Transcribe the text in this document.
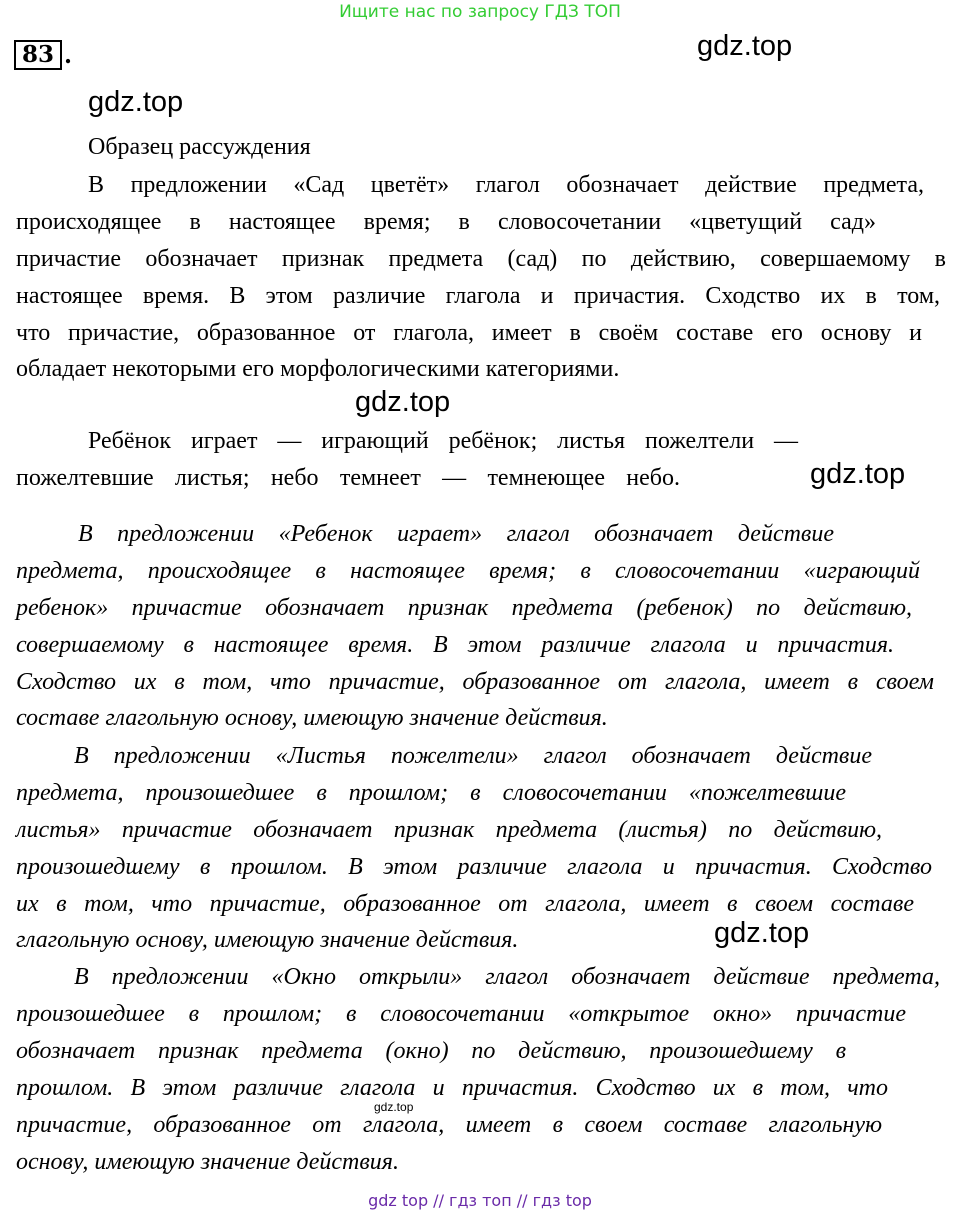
Ищите нас по запросу ГДЗ ТОП
83 .	gdz.top
gdz.top
Образец рассуждения
В предложении «Сад цветёт» глагол обозначает действие предмета,
происходящее в настоящее время; в словосочетании «цветущий сад»
причастие обозначает признак предмета (сад) по действию, совершаемому в
настоящее время. В этом различие глагола и причастия. Сходство их в том,
что причастие, образованное от глагола, имеет в своём составе его основу и
обладает некоторыми его морфологическими категориями.
gdz.top
Ребёнок играет — играющий ребёнок; листья пожелтели —
пожелтевшие листья; небо темнеет — темнеющее небо.	gdz.top
В предложении «Ребенок играет» глагол обозначает действие
предмета, происходящее в настоящее время; в словосочетании «играющий
ребенок» причастие обозначает признак предмета (ребенок) по действию,
совершаемому в настоящее время. В этом различие глагола и причастия.
Сходство их в том, что причастие, образованное от глагола, имеет в своем
составе глагольную основу, имеющую значение действия.
В предложении «Листья пожелтели» глагол обозначает действие
предмета, произошедшее в прошлом; в словосочетании «пожелтевшие
листья» причастие обозначает признак предмета (листья) по действию,
произошедшему в прошлом. В этом различие глагола и причастия. Сходство
их в том, что причастие, образованное от глагола, имеет в своем составе
глагольную основу, имеющую значение действия.	gdz.top
В предложении «Окно открыли» глагол обозначает действие предмета,
произошедшее в прошлом; в словосочетании «открытое окно» причастие
обозначает признак предмета (окно) по действию, произошедшему в
прошлом. В этом различие глагола и причастия. Сходство их в том, что
gdz.top
причастие, образованное от глагола, имеет в своем составе глагольную
основу, имеющую значение действия.
gdz top // гдз топ // гдз top
